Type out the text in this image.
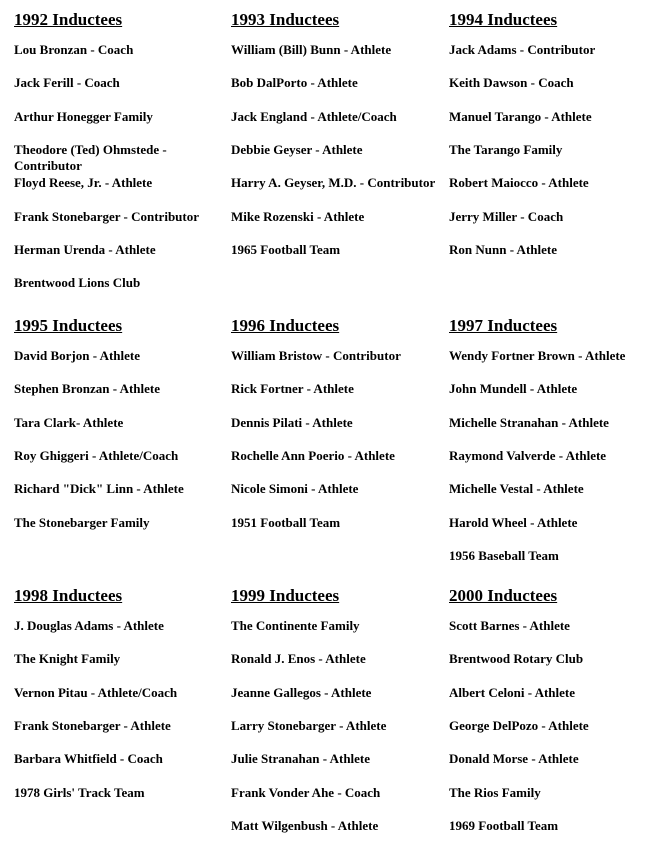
1992 Inductees
Lou Bronzan - Coach
Jack Ferill - Coach
Arthur Honegger Family
Theodore (Ted) Ohmstede - Contributor
Floyd Reese, Jr. - Athlete
Frank Stonebarger - Contributor
Herman Urenda - Athlete
Brentwood Lions Club
1993 Inductees
William (Bill) Bunn - Athlete
Bob DalPorto - Athlete
Jack England - Athlete/Coach
Debbie Geyser - Athlete
Harry A. Geyser, M.D. - Contributor
Mike Rozenski - Athlete
1965 Football Team
1994 Inductees
Jack Adams - Contributor
Keith Dawson - Coach
Manuel Tarango - Athlete
The Tarango Family
Robert Maiocco - Athlete
Jerry Miller - Coach
Ron Nunn - Athlete
1995 Inductees
David Borjon - Athlete
Stephen Bronzan - Athlete
Tara Clark- Athlete
Roy Ghiggeri - Athlete/Coach
Richard "Dick" Linn - Athlete
The Stonebarger Family
1996 Inductees
William Bristow - Contributor
Rick Fortner - Athlete
Dennis Pilati - Athlete
Rochelle Ann Poerio - Athlete
Nicole Simoni - Athlete
1951 Football Team
1997 Inductees
Wendy Fortner Brown - Athlete
John Mundell - Athlete
Michelle Stranahan - Athlete
Raymond Valverde - Athlete
Michelle Vestal - Athlete
Harold Wheel - Athlete
1956 Baseball Team
1998 Inductees
J. Douglas Adams - Athlete
The Knight Family
Vernon Pitau - Athlete/Coach
Frank Stonebarger - Athlete
Barbara Whitfield - Coach
1978 Girls' Track Team
1999 Inductees
The Continente Family
Ronald J. Enos - Athlete
Jeanne Gallegos - Athlete
Larry Stonebarger - Athlete
Julie Stranahan - Athlete
Frank Vonder Ahe - Coach
Matt Wilgenbush - Athlete
2000 Inductees
Scott Barnes - Athlete
Brentwood Rotary Club
Albert Celoni - Athlete
George DelPozo - Athlete
Donald Morse - Athlete
The Rios Family
1969 Football Team
